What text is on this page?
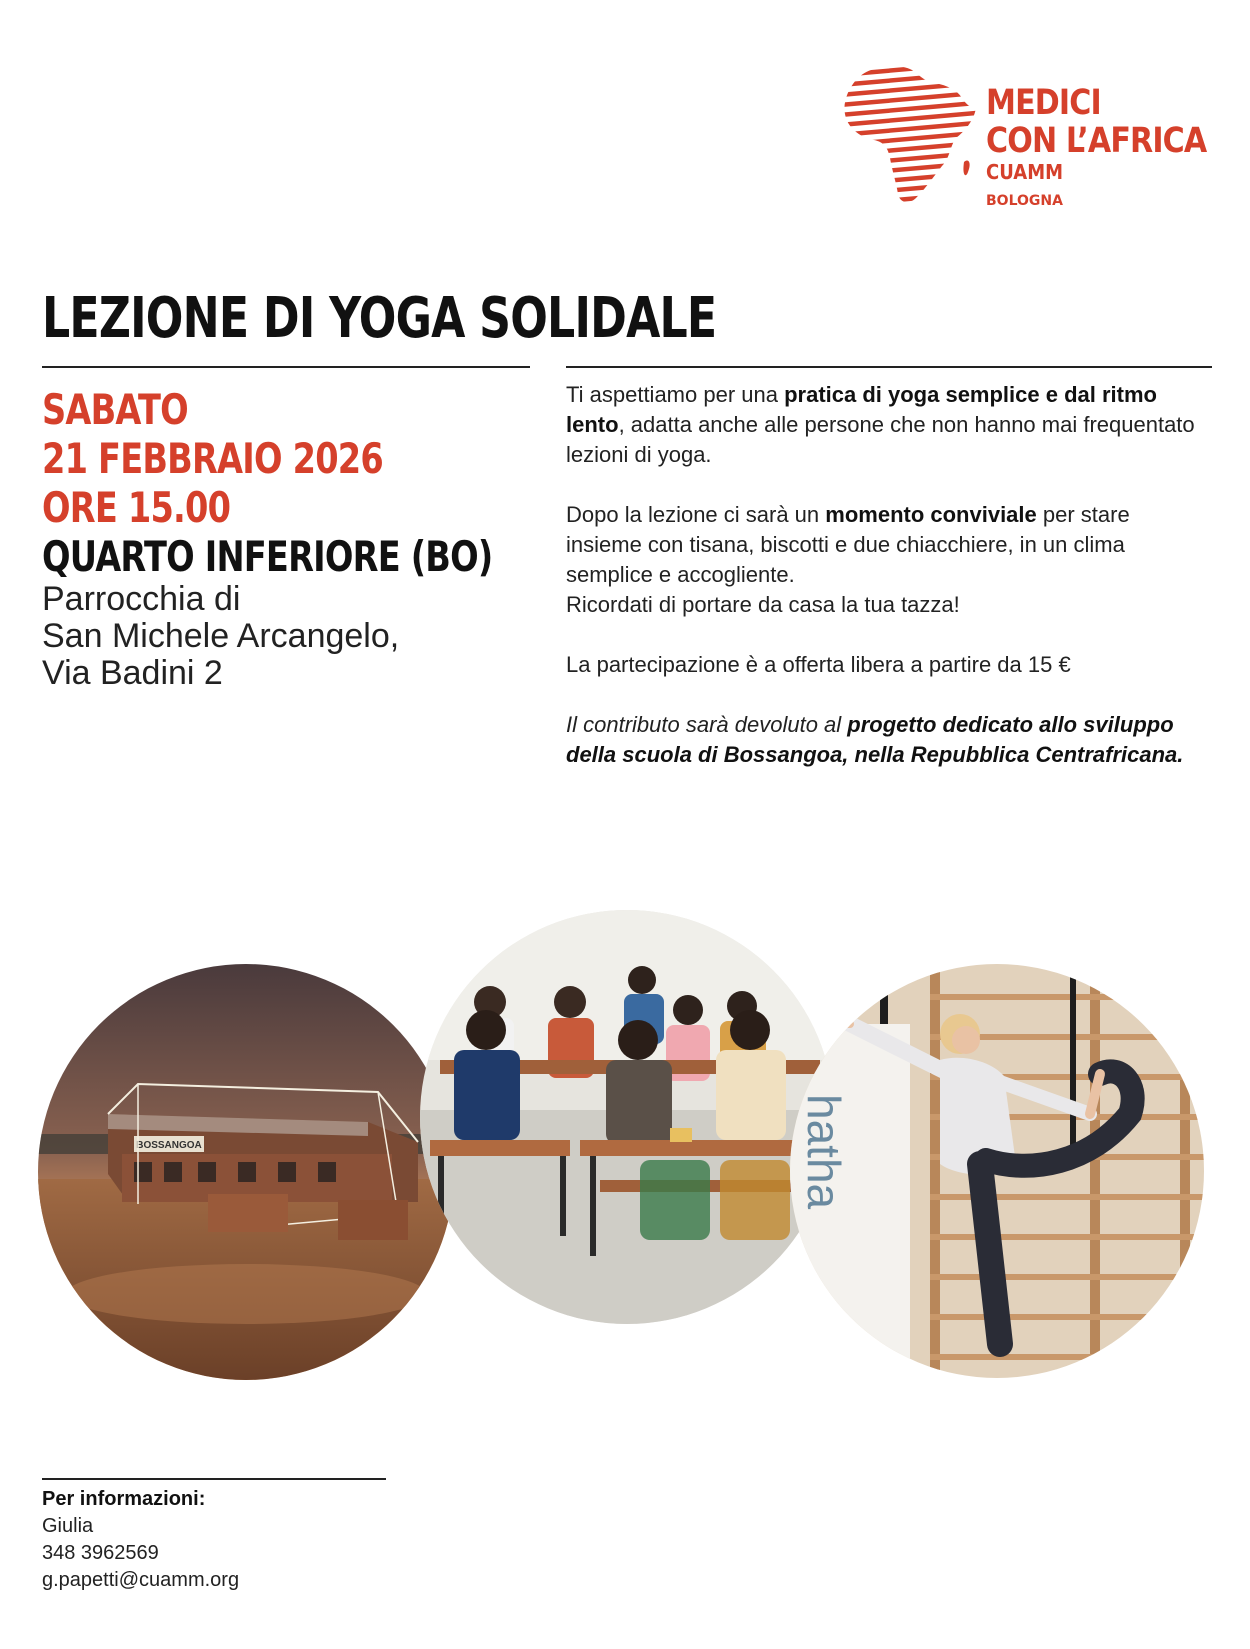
MEDICI
CON L’AFRICA
CUAMM
BOLOGNA
LEZIONE DI YOGA SOLIDALE
SABATO
21 FEBBRAIO 2026
ORE 15.00
QUARTO INFERIORE (BO)
Parrocchia di
San Michele Arcangelo,
Via Badini 2

Ti aspettiamo per una pratica di yoga semplice e dal ritmo lento, adatta anche alle persone che non hanno mai frequentato lezioni di yoga.

Dopo la lezione ci sarà un momento conviviale per stare insieme con tisana, biscotti e due chiacchiere, in un clima semplice e accogliente.
Ricordati di portare da casa la tua tazza!

La partecipazione è a offerta libera a partire da 15 €

Il contributo sarà devoluto al progetto dedicato allo sviluppo della scuola di Bossangoa, nella Repubblica Centrafricana.

BOSSANGOA	hatha
Per informazioni:
Giulia
348 3962569
g.papetti@cuamm.org
